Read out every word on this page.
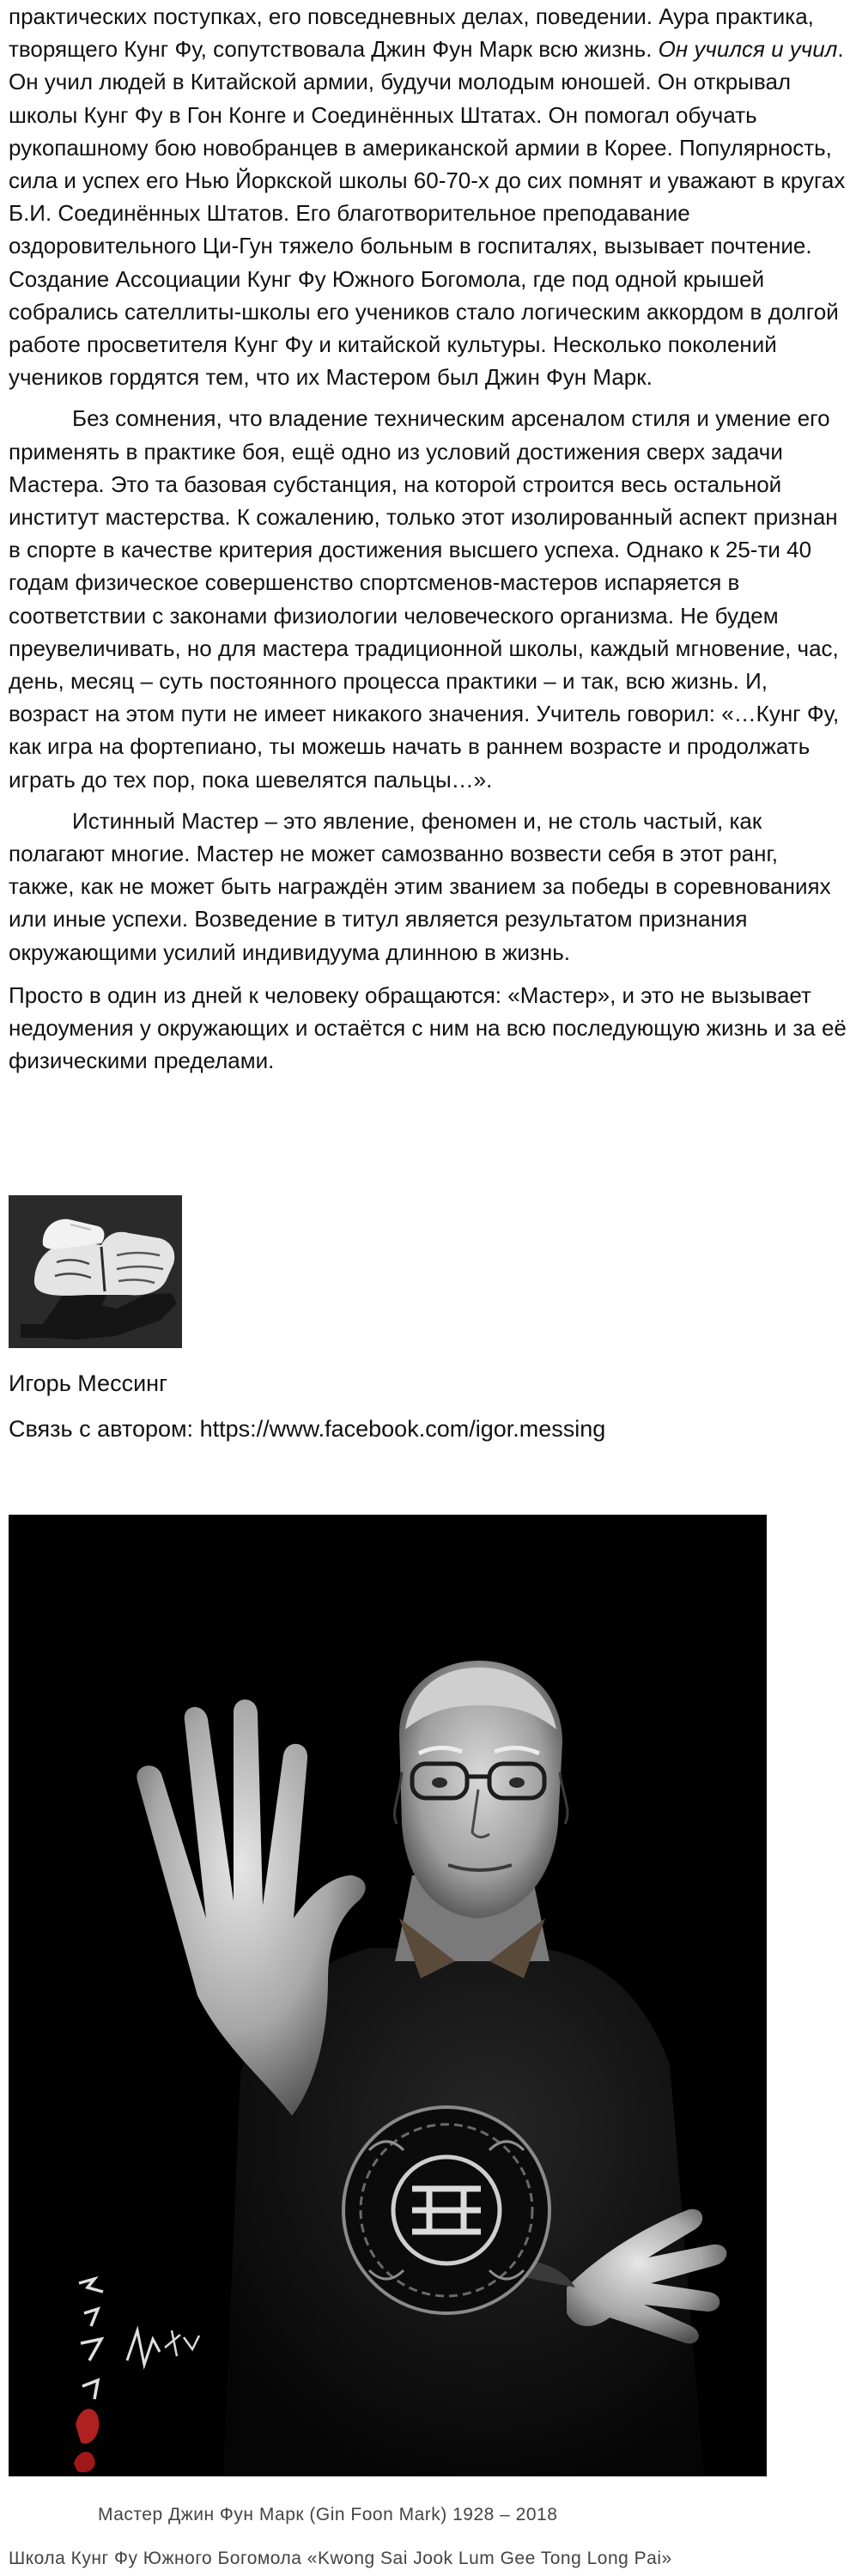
практических поступках, его повседневных делах, поведении. Аура практика, творящего Кунг Фу, сопутствовала Джин Фун Марк всю жизнь. Он учился и учил. Он учил людей в Китайской армии, будучи молодым юношей. Он открывал школы Кунг Фу в Гон Конге и Соединённых Штатах. Он помогал обучать рукопашному бою новобранцев в американской армии в Корее. Популярность, сила и успех его Нью Йоркской школы 60-70-х до сих помнят и уважают в кругах Б.И. Соединённых Штатов. Его благотворительное преподавание оздоровительного Ци-Гун тяжело больным в госпиталях, вызывает почтение. Создание Ассоциации Кунг Фу Южного Богомола, где под одной крышей собрались сателлиты-школы его учеников стало логическим аккордом в долгой работе просветителя Кунг Фу и китайской культуры. Несколько поколений учеников гордятся тем, что их Мастером был Джин Фун Марк.

Без сомнения, что владение техническим арсеналом стиля и умение его применять в практике боя, ещё одно из условий достижения сверх задачи Мастера. Это та базовая субстанция, на которой строится весь остальной институт мастерства. К сожалению, только этот изолированный аспект признан в спорте в качестве критерия достижения высшего успеха. Однако к 25-ти 40 годам физическое совершенство спортсменов-мастеров испаряется в соответствии с законами физиологии человеческого организма. Не будем преувеличивать, но для мастера традиционной школы, каждый мгновение, час, день, месяц – суть постоянного процесса практики – и так, всю жизнь. И, возраст на этом пути не имеет никакого значения. Учитель говорил: «…Кунг Фу, как игра на фортепиано, ты можешь начать в раннем возрасте и продолжать играть до тех пор, пока шевелятся пальцы…».

Истинный Мастер – это явление, феномен и, не столь частый, как полагают многие. Мастер не может самозванно возвести себя в этот ранг, также, как не может быть награждён этим званием за победы в соревнованиях или иные успехи. Возведение в титул является результатом признания окружающими усилий индивидуума длинною в жизнь.

Просто в один из дней к человеку обращаются: «Мастер», и это не вызывает недоумения у окружающих и остаётся с ним на всю последующую жизнь и за её физическими пределами.

Игорь Мессинг

Связь с автором: https://www.facebook.com/igor.messing

Мастер Джин Фун Марк (Gin Foon Mark) 1928 – 2018

Школа Кунг Фу Южного Богомола «Kwong Sai Jook Lum Gee Tong Long Pai»
